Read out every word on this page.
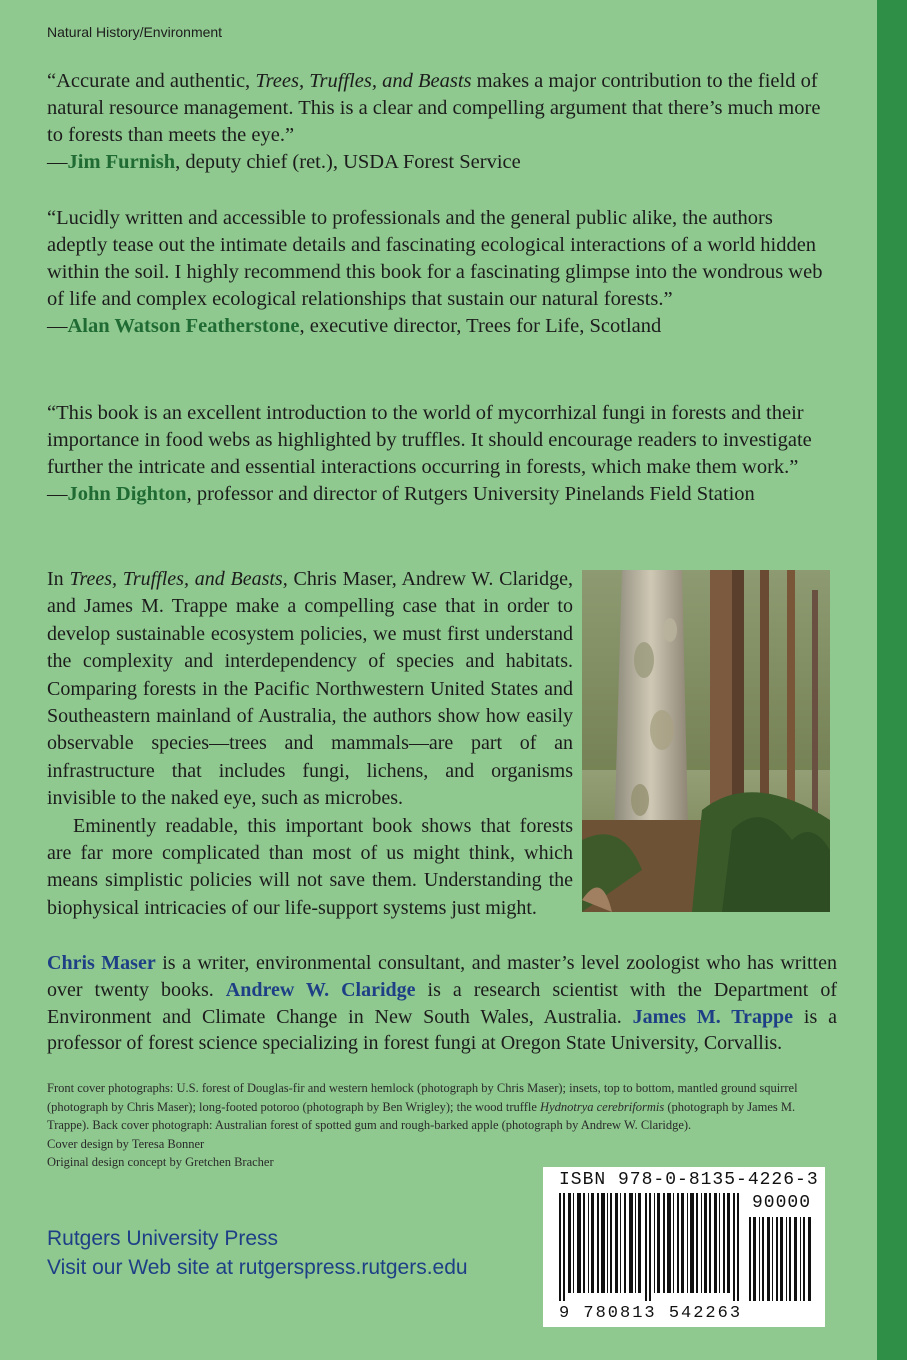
Natural History/Environment

“Accurate and authentic, Trees, Truffles, and Beasts makes a major contribution to the field of natural resource management. This is a clear and compelling argument that there’s much more to forests than meets the eye.”

—Jim Furnish, deputy chief (ret.), USDA Forest Service

“Lucidly written and accessible to professionals and the general public alike, the authors adeptly tease out the intimate details and fascinating ecological interactions of a world hidden within the soil. I highly recommend this book for a fascinating glimpse into the wondrous web of life and complex ecological relationships that sustain our natural forests.”

—Alan Watson Featherstone, executive director, Trees for Life, Scotland

“This book is an excellent introduction to the world of mycorrhizal fungi in forests and their importance in food webs as highlighted by truffles. It should encourage readers to investigate further the intricate and essential interactions occurring in forests, which make them work.”

—John Dighton, professor and director of Rutgers University Pinelands Field Station

In Trees, Truffles, and Beasts, Chris Maser, Andrew W. Claridge, and James M. Trappe make a compelling case that in order to develop sustainable ecosystem policies, we must first understand the complexity and interdependency of species and habitats. Comparing forests in the Pacific Northwestern United States and Southeastern mainland of Australia, the authors show how easily observable species—trees and mammals—are part of an infrastructure that includes fungi, lichens, and organisms invisible to the naked eye, such as microbes.

Eminently readable, this important book shows that forests are far more complicated than most of us might think, which means simplistic policies will not save them. Understanding the biophysical intricacies of our life-support systems just might.

Chris Maser is a writer, environmental consultant, and master’s level zoologist who has written over twenty books. Andrew W. Claridge is a research scientist with the Department of Environment and Climate Change in New South Wales, Australia. James M. Trappe is a professor of forest science specializing in forest fungi at Oregon State University, Corvallis.
Front cover photographs: U.S. forest of Douglas-fir and western hemlock (photograph by Chris Maser); insets, top to bottom, mantled ground squirrel (photograph by Chris Maser); long-footed potoroo (photograph by Ben Wrigley); the wood truffle Hydnotrya cerebriformis (photograph by James M. Trappe). Back cover photograph: Australian forest of spotted gum and rough-barked apple (photograph by Andrew W. Claridge).
Cover design by Teresa Bonner
Original design concept by Gretchen Bracher
Rutgers University Press
Visit our Web site at rutgerspress.rutgers.edu
ISBN 978-0-8135-4226-3
90000
9 780813 542263
